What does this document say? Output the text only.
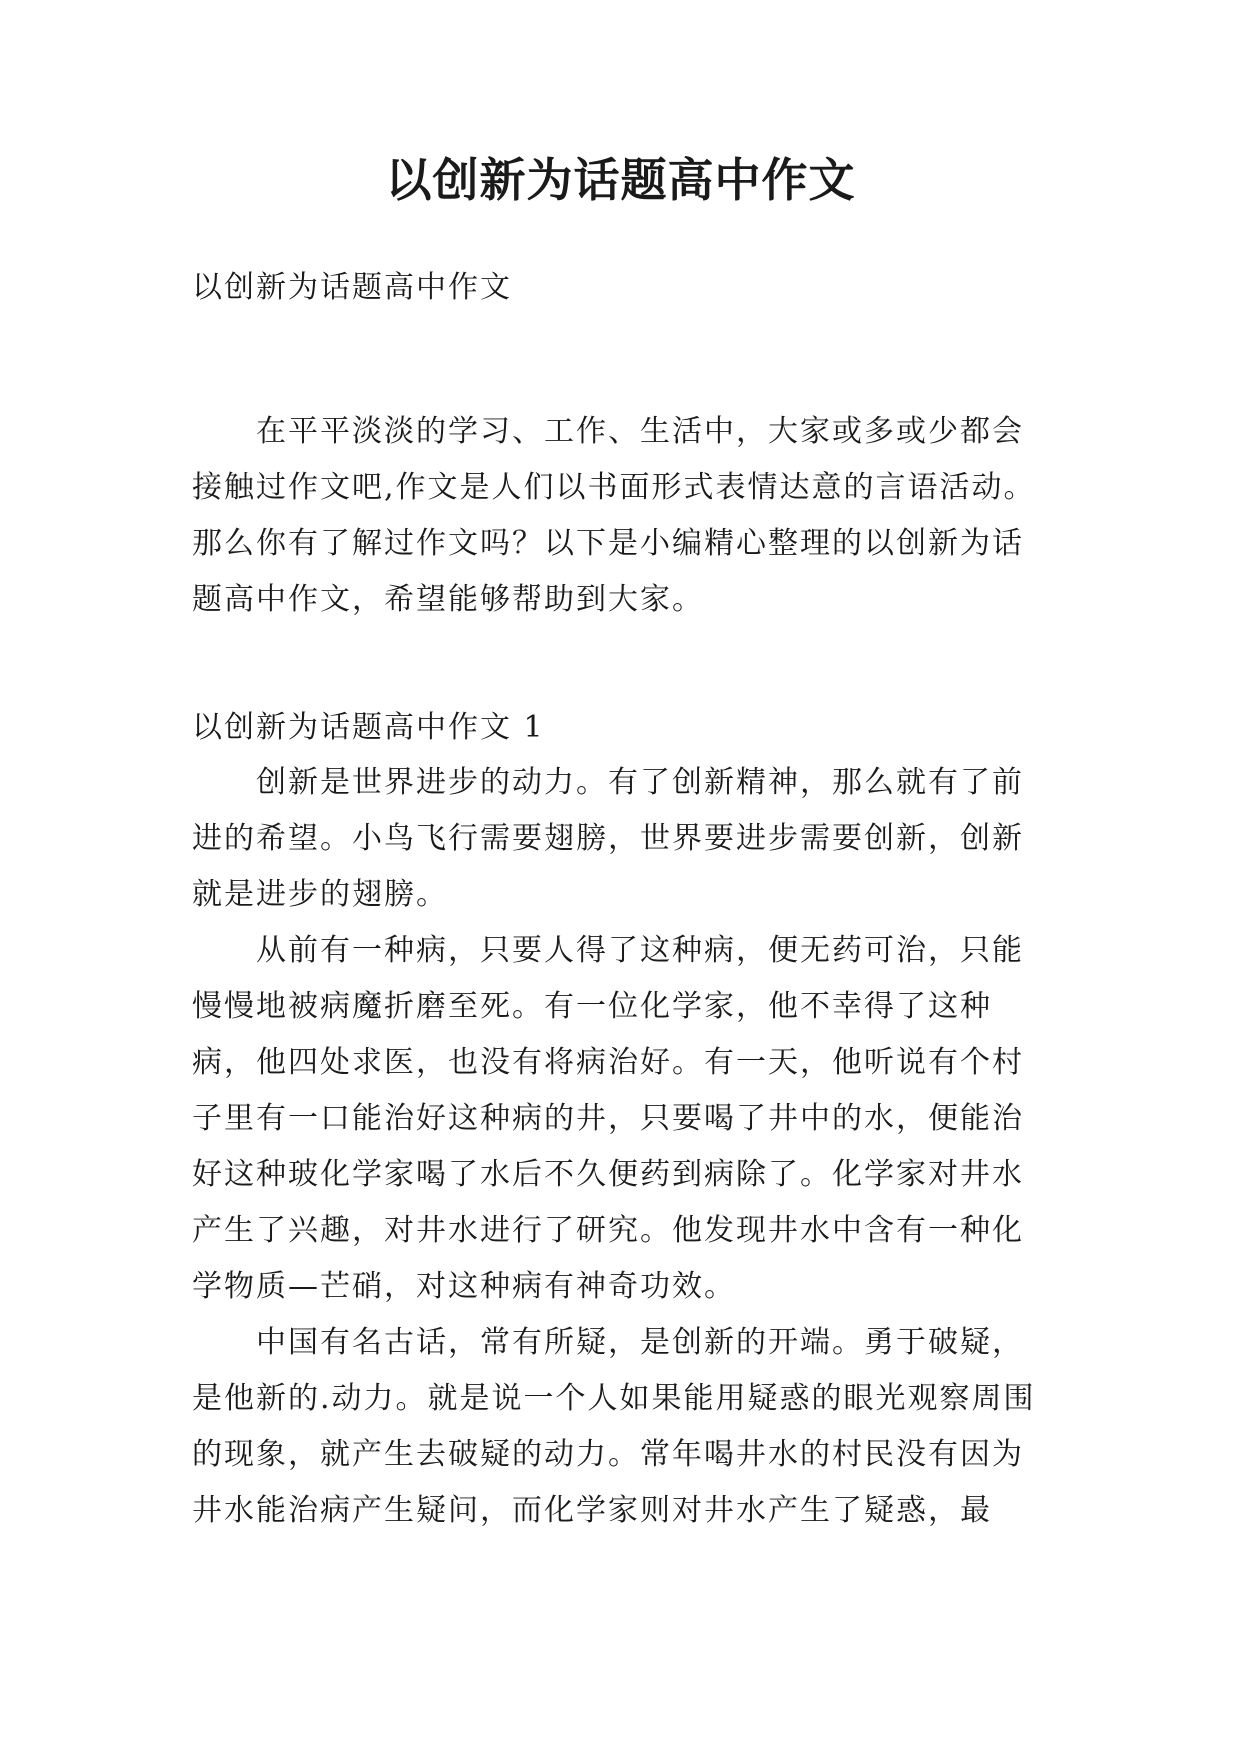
以创新为话题高中作文

以创新为话题高中作文

在平平淡淡的学习、工作、生活中，大家或多或少都会接触过作文吧,作文是人们以书面形式表情达意的言语活动。那么你有了解过作文吗？以下是小编精心整理的以创新为话题高中作文，希望能够帮助到大家。

以创新为话题高中作文 1

创新是世界进步的动力。有了创新精神，那么就有了前进的希望。小鸟飞行需要翅膀，世界要进步需要创新，创新就是进步的翅膀。

从前有一种病，只要人得了这种病，便无药可治，只能慢慢地被病魔折磨至死。有一位化学家，他不幸得了这种病，他四处求医，也没有将病治好。有一天，他听说有个村子里有一口能治好这种病的井，只要喝了井中的水，便能治好这种玻化学家喝了水后不久便药到病除了。化学家对井水产生了兴趣，对井水进行了研究。他发现井水中含有一种化学物质—芒硝，对这种病有神奇功效。

中国有名古话，常有所疑，是创新的开端。勇于破疑，是他新的.动力。就是说一个人如果能用疑惑的眼光观察周围的现象，就产生去破疑的动力。常年喝井水的村民没有因为井水能治病产生疑问，而化学家则对井水产生了疑惑，最
